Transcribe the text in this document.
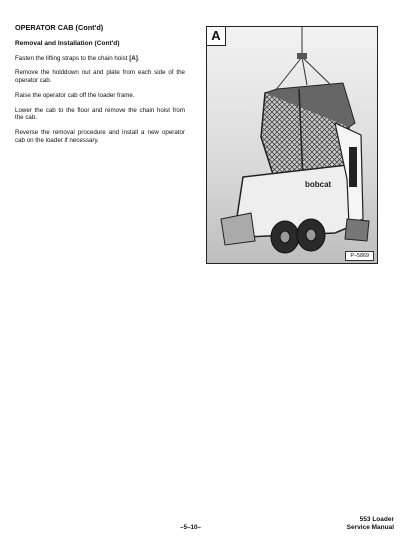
OPERATOR CAB (Cont'd)
Removal and Installation (Cont'd)

Fasten the lifting straps to the chain hoist [A].

Remove the holddown nut and plate from each side of the operator cab.

Raise the operator cab off the loader frame.

Lower the cab to the floor and remove the chain hoist from the cab.

Reverse the removal procedure and install a new operator cab on the loader if necessary.

bobcat
A
P–5869
–5–10–
553 Loader
Service Manual
